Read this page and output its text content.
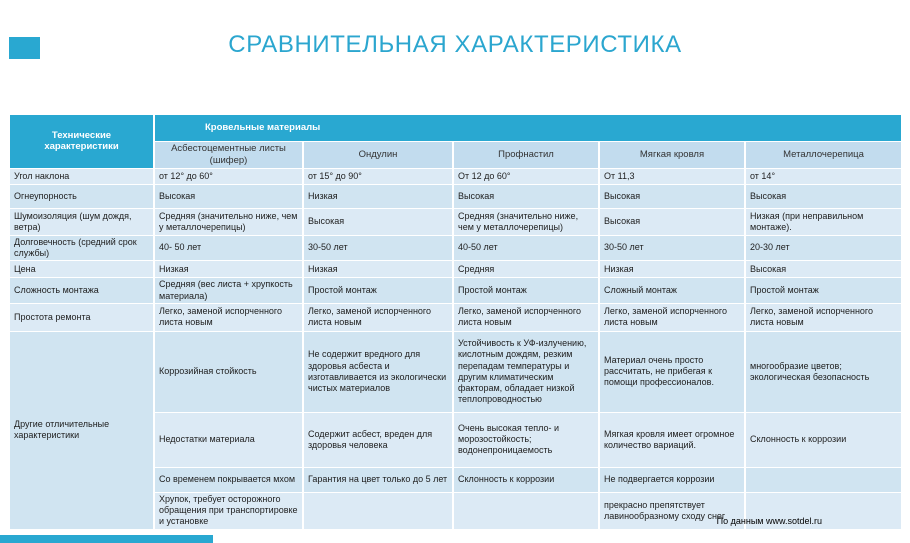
СРАВНИТЕЛЬНАЯ ХАРАКТЕРИСТИКА
Технические характеристики	Кровельные материалы				
	Асбестоцементные листы (шифер)	Ондулин	Профнастил	Мягкая кровля	Металлочерепица
Угол наклона	от 12° до 60°	от 15° до 90°	От 12 до 60°	От 11,3	от 14°
Огнеупорность	Высокая	Низкая	Высокая	Высокая	Высокая
Шумоизоляция (шум дождя, ветра)	Средняя (значительно ниже, чем у металлочерепицы)	Высокая	Средняя (значительно ниже, чем у металлочерепицы)	Высокая	Низкая (при неправильном монтаже).
Долговечность (средний срок службы)	40- 50 лет	30-50 лет	40-50 лет	30-50 лет	20-30 лет
Цена	Низкая	Низкая	Средняя	Низкая	Высокая
Сложность монтажа	Средняя (вес листа + хрупкость материала)	Простой монтаж	Простой монтаж	Сложный монтаж	Простой монтаж
Простота ремонта	Легко, заменой испорченного листа новым	Легко, заменой испорченного листа новым	Легко, заменой испорченного листа новым	Легко, заменой испорченного листа новым	Легко, заменой испорченного листа новым
Другие отличительные характеристики	Коррозийная стойкость	Не содержит вредного для здоровья асбеста и изготавливается из экологически чистых материалов	Устойчивость к УФ-излучению, кислотным дождям, резким перепадам температуры и другим климатическим факторам, обладает низкой теплопроводностью	Материал очень просто рассчитать, не прибегая к помощи профессионалов.	многообразие цветов; экологическая безопасность
	Недостатки материала	Содержит асбест, вреден для здоровья человека	Очень высокая тепло- и морозостойкость; водонепроницаемость	Мягкая кровля имеет огромное количество вариаций.	Склонность к коррозии
	Со временем покрывается мхом	Гарантия на цвет только до 5 лет	Склонность к коррозии	Не подвергается коррозии	
	Хрупок, требует осторожного обращения при транспортировке и установке			прекрасно препятствует лавинообразному сходу снег	
По данным www.sotdel.ru
